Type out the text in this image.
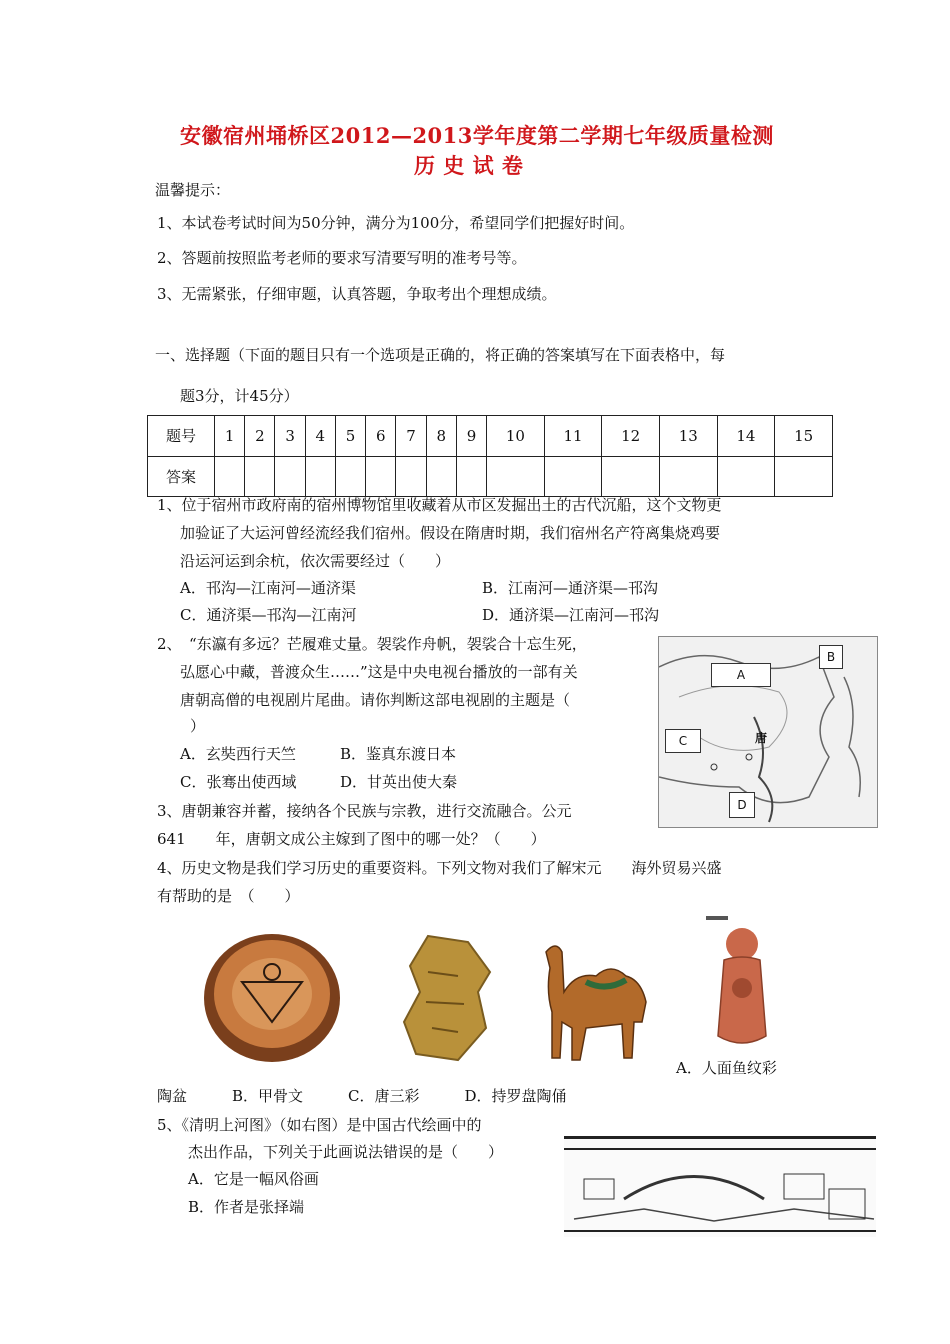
安徽宿州埇桥区2012—2013学年度第二学期七年级质量检测
历 史 试 卷
温馨提示：
1、本试卷考试时间为50分钟，满分为100分，希望同学们把握好时间。
2、答题前按照监考老师的要求写清要写明的准考号等。
3、无需紧张，仔细审题，认真答题，争取考出个理想成绩。
一、选择题（下面的题目只有一个选项是正确的，将正确的答案填写在下面表格中，每
题3分，计45分）
题号	1	2	3	4	5	6	7	8	9	10	11	12	13	14	15
答案															
1、位于宿州市政府南的宿州博物馆里收藏着从市区发掘出土的古代沉船，这个文物更
加验证了大运河曾经流经我们宿州。假设在隋唐时期，我们宿州名产符离集烧鸡要
沿运河运到余杭，依次需要经过（　　）
A．邗沟—江南河—通济渠	B．江南河—通济渠—邗沟
C．通济渠—邗沟—江南河	D．通济渠—江南河—邗沟
2、　“东瀛有多远？芒履难丈量。袈裟作舟帆，袈裟合十忘生死，
弘愿心中藏，普渡众生……”这是中央电视台播放的一部有关
唐朝高僧的电视剧片尾曲。请你判断这部电视剧的主题是（
）
A．玄奘西行天竺	B．鉴真东渡日本
C．张骞出使西域	D．甘英出使大秦
A
B
C
D
唐
3、唐朝兼容并蓄，接纳各个民族与宗教，进行交流融合。公元
641　　年，唐朝文成公主嫁到了图中的哪一处？（　　）
4、历史文物是我们学习历史的重要资料。下列文物对我们了解宋元　　海外贸易兴盛
有帮助的是　（　　）
A．人面鱼纹彩
陶盆　　　B．甲骨文　　　C．唐三彩　　　D．持罗盘陶俑
5、《清明上河图》（如右图）是中国古代绘画中的
杰出作品，下列关于此画说法错误的是（　　）
A．它是一幅风俗画
B．作者是张择端
